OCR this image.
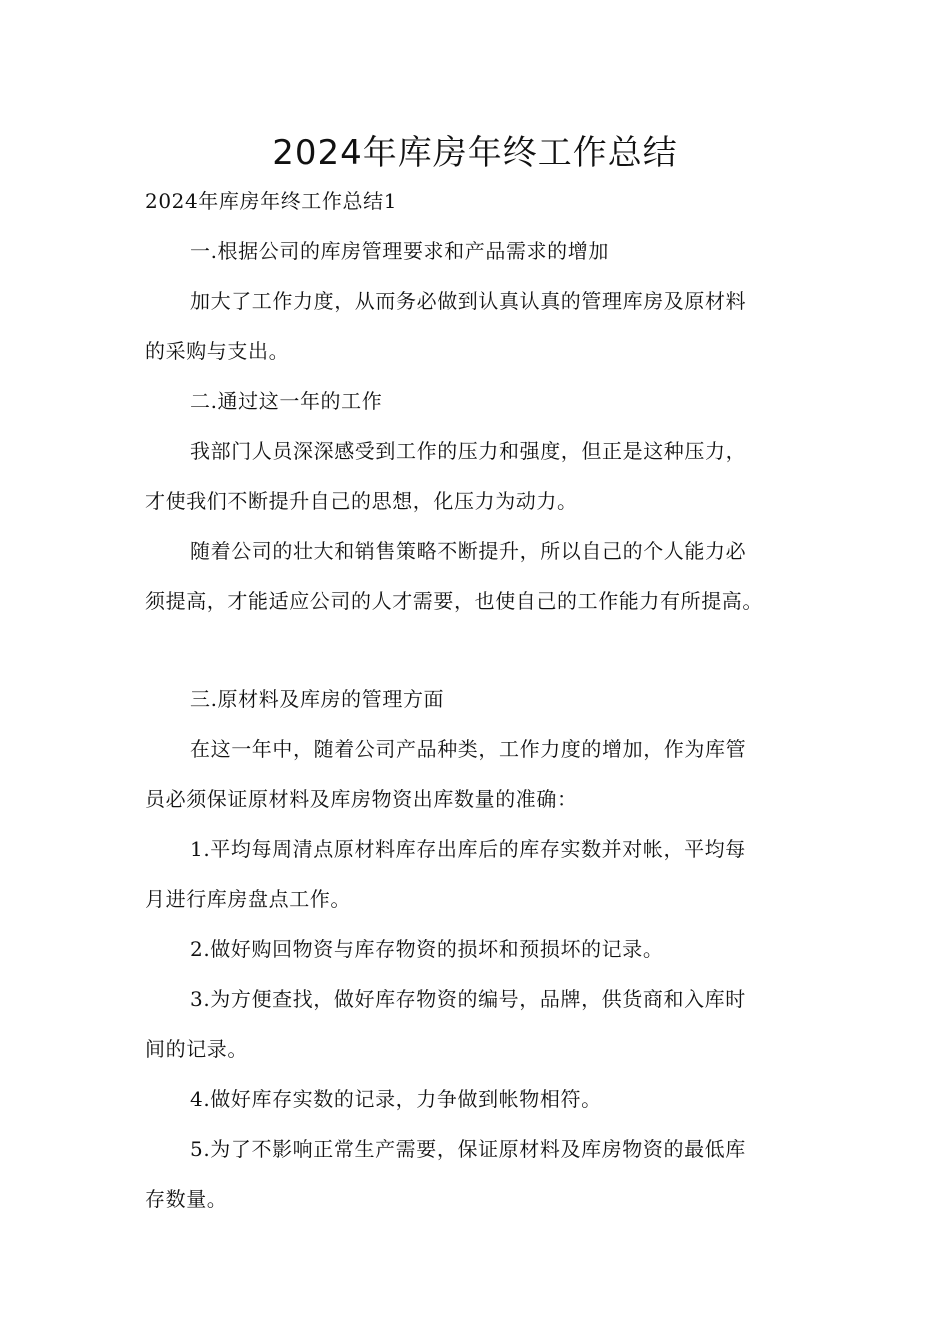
2024年库房年终工作总结

2024年库房年终工作总结1

一.根据公司的库房管理要求和产品需求的增加

加大了工作力度，从而务必做到认真认真的管理库房及原材料

的采购与支出。

二.通过这一年的工作

我部门人员深深感受到工作的压力和强度，但正是这种压力，

才使我们不断提升自己的思想，化压力为动力。

随着公司的壮大和销售策略不断提升，所以自己的个人能力必

须提高，才能适应公司的人才需要，也使自己的工作能力有所提高。

三.原材料及库房的管理方面

在这一年中，随着公司产品种类，工作力度的增加，作为库管

员必须保证原材料及库房物资出库数量的准确：

1.平均每周清点原材料库存出库后的库存实数并对帐，平均每

月进行库房盘点工作。

2.做好购回物资与库存物资的损坏和预损坏的记录。

3.为方便查找，做好库存物资的编号，品牌，供货商和入库时

间的记录。

4.做好库存实数的记录，力争做到帐物相符。

5.为了不影响正常生产需要，保证原材料及库房物资的最低库

存数量。
